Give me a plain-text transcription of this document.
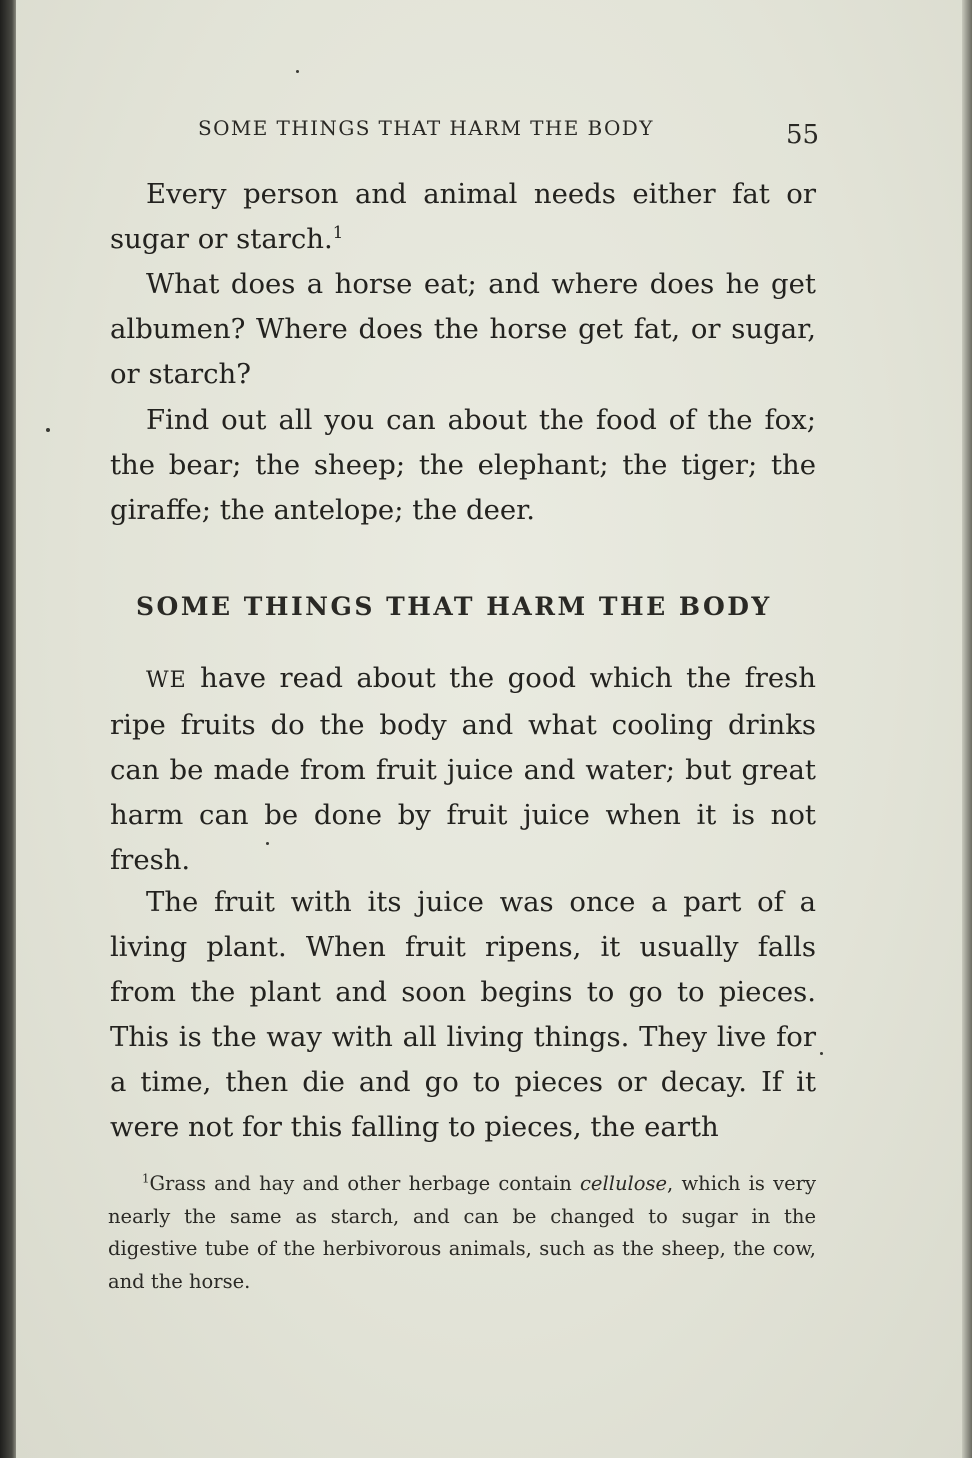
SOME THINGS THAT HARM THE BODY	55

Every person and animal needs either fat or sugar or starch.$^1$

What does a horse eat; and where does he get albumen? Where does the horse get fat, or sugar, or starch?

Find out all you can about the food of the fox; the bear; the sheep; the elephant; the tiger; the giraffe; the antelope; the deer.

SOME THINGS THAT HARM THE BODY

WE have read about the good which the fresh ripe fruits do the body and what cooling drinks can be made from fruit juice and water; but great harm can be done by fruit juice when it is not fresh.

The fruit with its juice was once a part of a living plant. When fruit ripens, it usually falls from the plant and soon begins to go to pieces. This is the way with all living things. They live for a time, then die and go to pieces or decay. If it were not for this falling to pieces, the earth

$^1$Grass and hay and other herbage contain cellulose, which is very nearly the same as starch, and can be changed to sugar in the digestive tube of the herbivorous animals, such as the sheep, the cow, and the horse.
